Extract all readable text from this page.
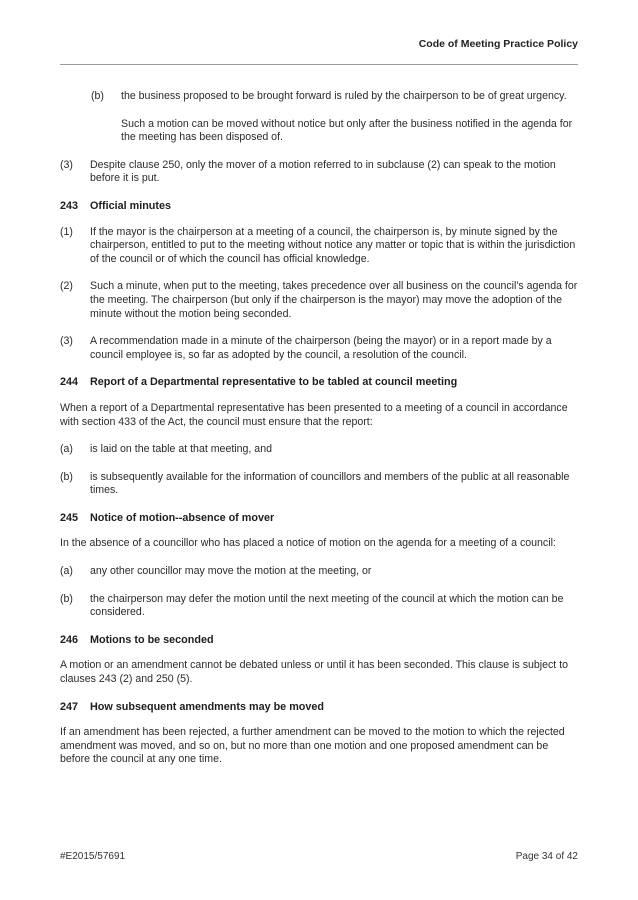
Code of Meeting Practice Policy
(b)	the business proposed to be brought forward is ruled by the chairperson to be of great urgency.

Such a motion can be moved without notice but only after the business notified in the agenda for the meeting has been disposed of.

(3)	Despite clause 250, only the mover of a motion referred to in subclause (2) can speak to the motion before it is put.
243 Official minutes
(1)	If the mayor is the chairperson at a meeting of a council, the chairperson is, by minute signed by the chairperson, entitled to put to the meeting without notice any matter or topic that is within the jurisdiction of the council or of which the council has official knowledge.
(2)	Such a minute, when put to the meeting, takes precedence over all business on the council's agenda for the meeting. The chairperson (but only if the chairperson is the mayor) may move the adoption of the minute without the motion being seconded.
(3)	A recommendation made in a minute of the chairperson (being the mayor) or in a report made by a council employee is, so far as adopted by the council, a resolution of the council.
244 Report of a Departmental representative to be tabled at council meeting

When a report of a Departmental representative has been presented to a meeting of a council in accordance with section 433 of the Act, the council must ensure that the report:

(a)	is laid on the table at that meeting, and
(b)	is subsequently available for the information of councillors and members of the public at all reasonable times.
245 Notice of motion--absence of mover

In the absence of a councillor who has placed a notice of motion on the agenda for a meeting of a council:

(a)	any other councillor may move the motion at the meeting, or
(b)	the chairperson may defer the motion until the next meeting of the council at which the motion can be considered.
246 Motions to be seconded

A motion or an amendment cannot be debated unless or until it has been seconded. This clause is subject to clauses 243 (2) and 250 (5).

247 How subsequent amendments may be moved

If an amendment has been rejected, a further amendment can be moved to the motion to which the rejected amendment was moved, and so on, but no more than one motion and one proposed amendment can be before the council at any one time.

#E2015/57691	Page 34 of 42
